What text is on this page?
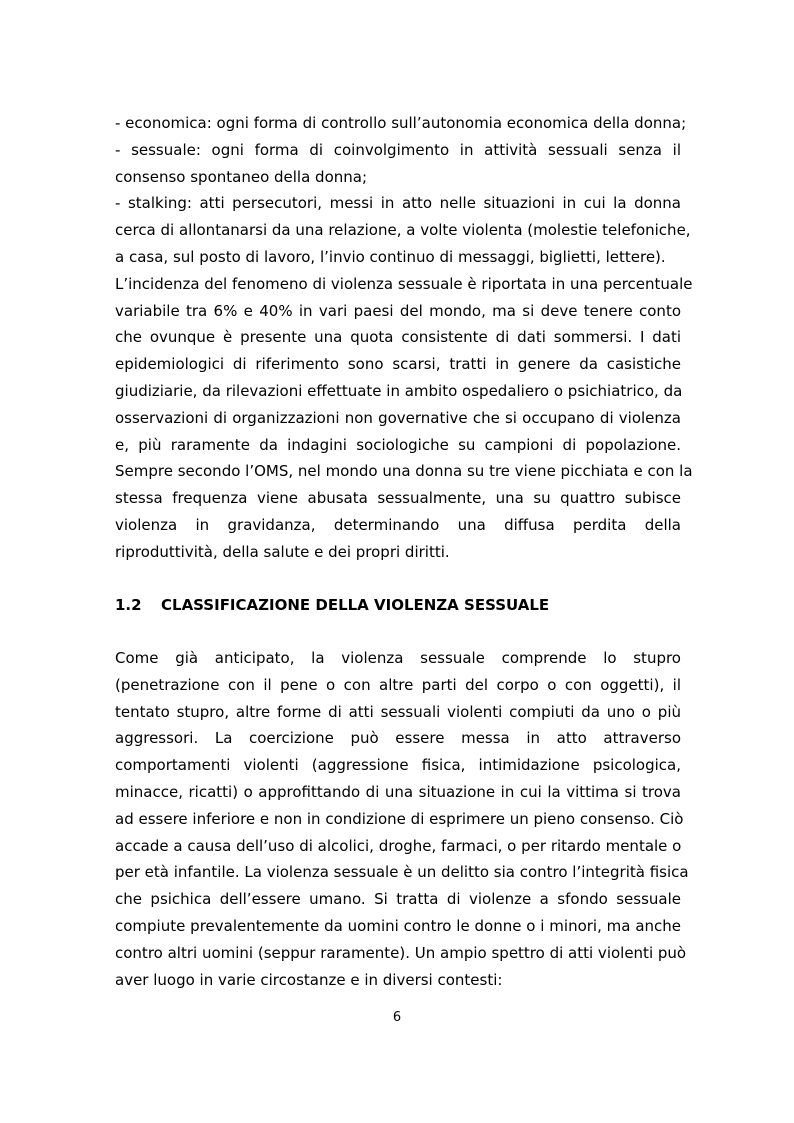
- economica: ogni forma di controllo sull’autonomia economica della donna;
- sessuale: ogni forma di coinvolgimento in attività sessuali senza il
consenso spontaneo della donna;
- stalking: atti persecutori, messi in atto nelle situazioni in cui la donna
cerca di allontanarsi da una relazione, a volte violenta (molestie telefoniche,
a casa, sul posto di lavoro, l’invio continuo di messaggi, biglietti, lettere).
L’incidenza del fenomeno di violenza sessuale è riportata in una percentuale
variabile tra 6% e 40% in vari paesi del mondo, ma si deve tenere conto
che ovunque è presente una quota consistente di dati sommersi. I dati
epidemiologici di riferimento sono scarsi, tratti in genere da casistiche
giudiziarie, da rilevazioni effettuate in ambito ospedaliero o psichiatrico, da
osservazioni di organizzazioni non governative che si occupano di violenza
e, più raramente da indagini sociologiche su campioni di popolazione.
Sempre secondo l’OMS, nel mondo una donna su tre viene picchiata e con la
stessa frequenza viene abusata sessualmente, una su quattro subisce
violenza in gravidanza, determinando una diffusa perdita della
riproduttività, della salute e dei propri diritti.
1.2 CLASSIFICAZIONE DELLA VIOLENZA SESSUALE
Come già anticipato, la violenza sessuale comprende lo stupro
(penetrazione con il pene o con altre parti del corpo o con oggetti), il
tentato stupro, altre forme di atti sessuali violenti compiuti da uno o più
aggressori. La coercizione può essere messa in atto attraverso
comportamenti violenti (aggressione fisica, intimidazione psicologica,
minacce, ricatti) o approfittando di una situazione in cui la vittima si trova
ad essere inferiore e non in condizione di esprimere un pieno consenso. Ciò
accade a causa dell’uso di alcolici, droghe, farmaci, o per ritardo mentale o
per età infantile. La violenza sessuale è un delitto sia contro l’integrità fisica
che psichica dell’essere umano. Si tratta di violenze a sfondo sessuale
compiute prevalentemente da uomini contro le donne o i minori, ma anche
contro altri uomini (seppur raramente). Un ampio spettro di atti violenti può
aver luogo in varie circostanze e in diversi contesti:
6
